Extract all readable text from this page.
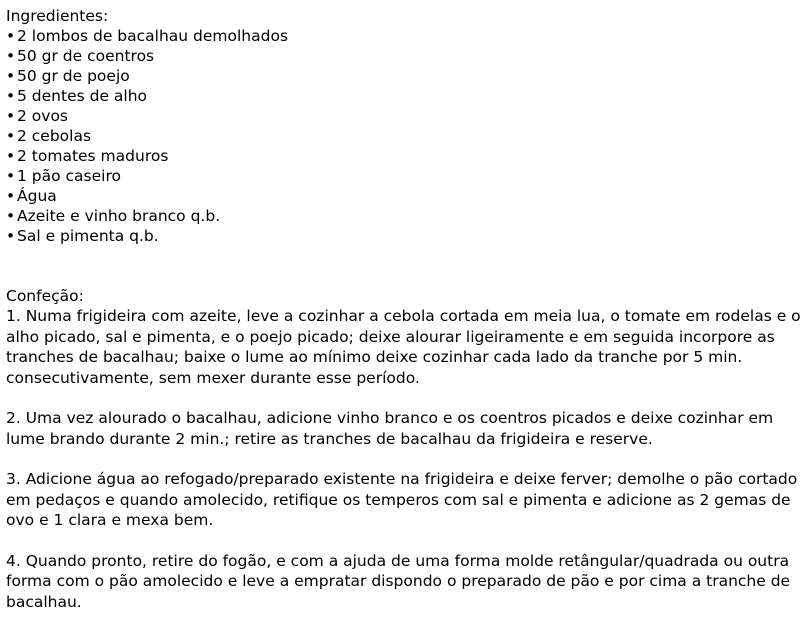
Ingredientes:
• 2 lombos de bacalhau demolhados
• 50 gr de coentros
• 50 gr de poejo
• 5 dentes de alho
• 2 ovos
• 2 cebolas
• 2 tomates maduros
• 1 pão caseiro
• Água
• Azeite e vinho branco q.b.
• Sal e pimenta q.b.
Confeção:

1. Numa frigideira com azeite, leve a cozinhar a cebola cortada em meia lua, o tomate em rodelas e o alho picado, sal e pimenta, e o poejo picado; deixe alourar ligeiramente e em seguida incorpore as tranches de bacalhau; baixe o lume ao mínimo deixe cozinhar cada lado da tranche por 5 min. consecutivamente, sem mexer durante esse período.

2. Uma vez alourado o bacalhau, adicione vinho branco e os coentros picados e deixe cozinhar em lume brando durante 2 min.; retire as tranches de bacalhau da frigideira e reserve.

3. Adicione água ao refogado/preparado existente na frigideira e deixe ferver; demolhe o pão cortado em pedaços e quando amolecido, retifique os temperos com sal e pimenta e adicione as 2 gemas de ovo e 1 clara e mexa bem.

4. Quando pronto, retire do fogão, e com a ajuda de uma forma molde retângular/quadrada ou outra forma com o pão amolecido e leve a empratar dispondo o preparado de pão e por cima a tranche de bacalhau.
